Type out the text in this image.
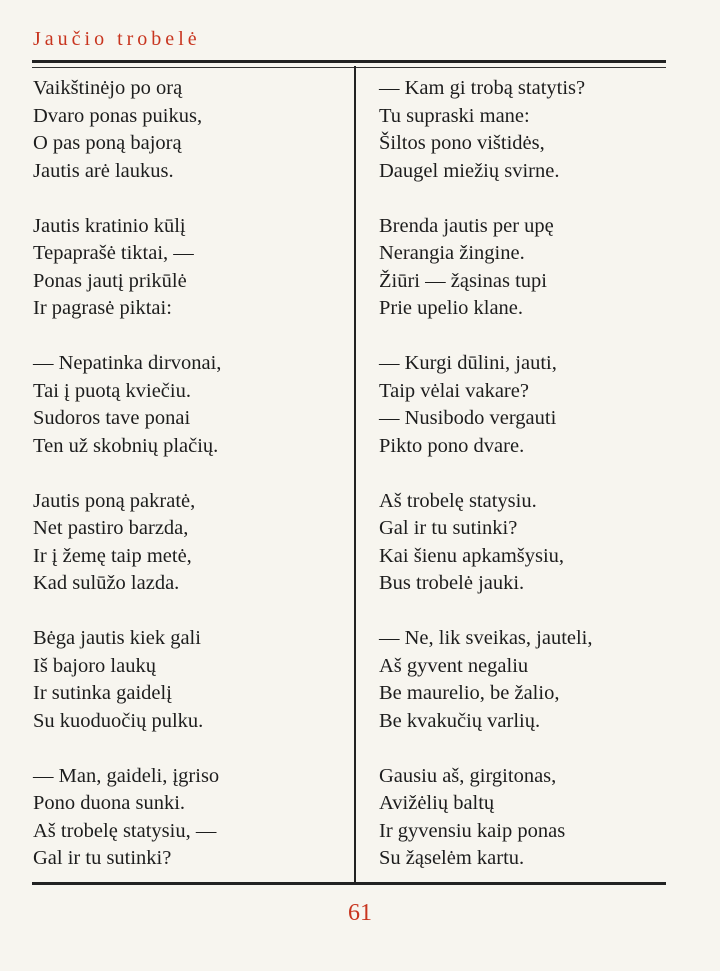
Jaučio trobelė
Vaikštinėjo po orą
Dvaro ponas puikus,
O pas poną bajorą
Jautis arė laukus.
Jautis kratinio kūlį
Tepaprašė tiktai, —
Ponas jautį prikūlė
Ir pagrasė piktai:
— Nepatinka dirvonai,
Tai į puotą kviečiu.
Sudoros tave ponai
Ten už skobnių plačių.
Jautis poną pakratė,
Net pastiro barzda,
Ir į žemę taip metė,
Kad sulūžo lazda.
Bėga jautis kiek gali
Iš bajoro laukų
Ir sutinka gaidelį
Su kuoduočių pulku.
— Man, gaideli, įgriso
Pono duona sunki.
Aš trobelę statysiu, —
Gal ir tu sutinki?
— Kam gi trobą statytis?
Tu supraski mane:
Šiltos pono vištidės,
Daugel miežių svirne.
Brenda jautis per upę
Nerangia žingine.
Žiūri — žąsinas tupi
Prie upelio klane.
— Kurgi dūlini, jauti,
Taip vėlai vakare?
— Nusibodo vergauti
Pikto pono dvare.
Aš trobelę statysiu.
Gal ir tu sutinki?
Kai šienu apkamšysiu,
Bus trobelė jauki.
— Ne, lik sveikas, jauteli,
Aš gyvent negaliu
Be maurelio, be žalio,
Be kvakučių varlių.
Gausiu aš, girgitonas,
Avižėlių baltų
Ir gyvensiu kaip ponas
Su žąselėm kartu.
61
